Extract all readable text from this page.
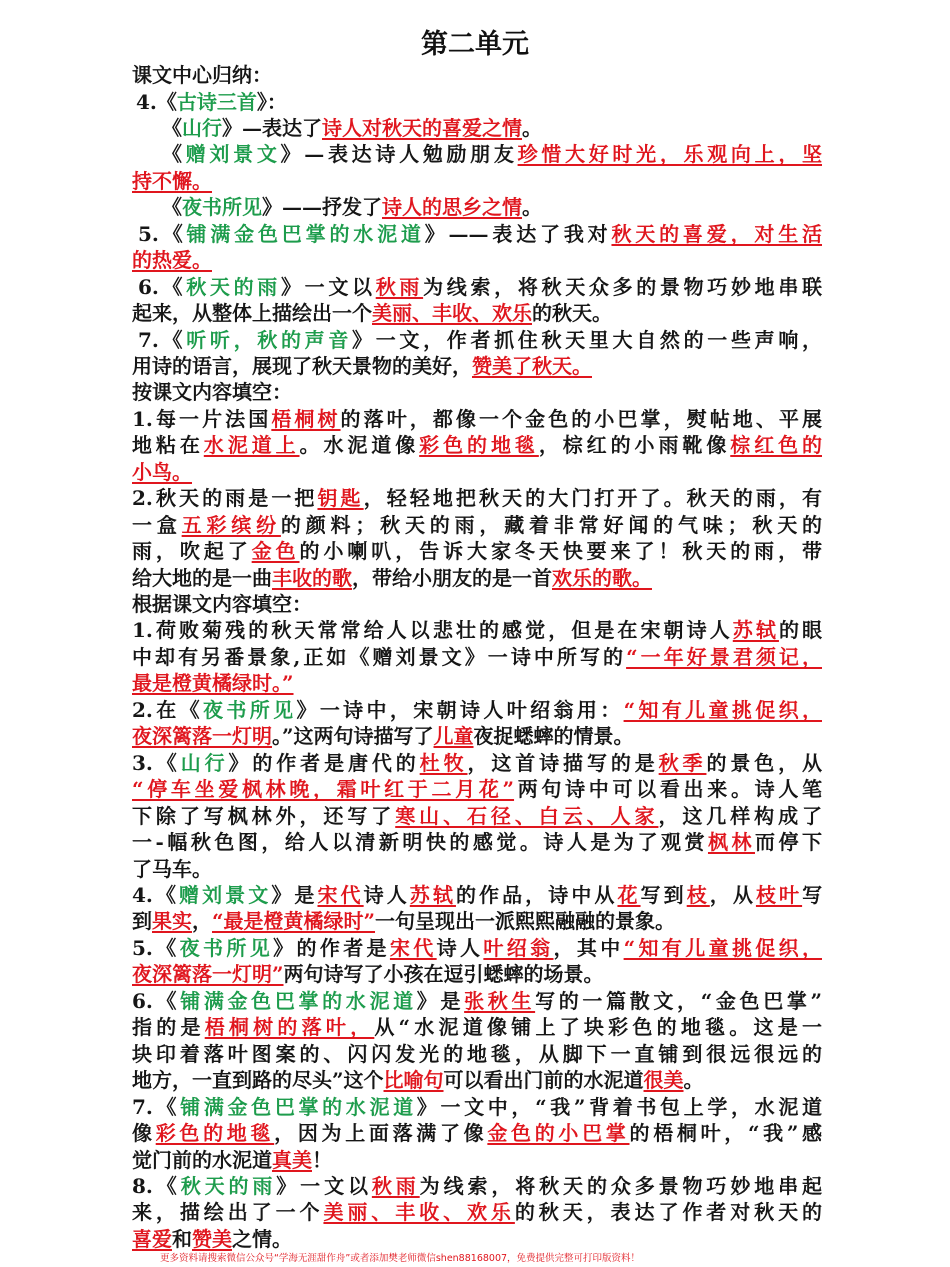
第二单元
课文中心归纳：
4.《古诗三首》：
《山行》—表达了诗人对秋天的喜爱之情。
《赠刘景文》—表达诗人勉励朋友珍惜大好时光，乐观向上，坚
持不懈。
《夜书所见》——抒发了诗人的思乡之情。
5.《铺满金色巴掌的水泥道》——表达了我对秋天的喜爱，对生活
的热爱。
6.《秋天的雨》一文以秋雨为线索，将秋天众多的景物巧妙地串联
起来，从整体上描绘出一个美丽、丰收、欢乐的秋天。
7.《听听，秋的声音》一文，作者抓住秋天里大自然的一些声响，
用诗的语言，展现了秋天景物的美好，赞美了秋天。
按课文内容填空：
1.每一片法国梧桐树的落叶，都像一个金色的小巴掌，熨帖地、平展
地粘在水泥道上。水泥道像彩色的地毯，棕红的小雨靴像棕红色的
小鸟。
2.秋天的雨是一把钥匙，轻轻地把秋天的大门打开了。秋天的雨，有
一盒五彩缤纷的颜料；秋天的雨，藏着非常好闻的气味；秋天的
雨，吹起了金色的小喇叭，告诉大家冬天快要来了！秋天的雨，带
给大地的是一曲丰收的歌，带给小朋友的是一首欢乐的歌。
根据课文内容填空：
1.荷败菊残的秋天常常给人以悲壮的感觉，但是在宋朝诗人苏轼的眼
中却有另番景象,正如《赠刘景文》一诗中所写的“一年好景君须记，
最是橙黄橘绿时。”
2.在《夜书所见》一诗中，宋朝诗人叶绍翁用：“知有儿童挑促织，
夜深篱落一灯明。”这两句诗描写了儿童夜捉蟋蟀的情景。
3.《山行》的作者是唐代的杜牧，这首诗描写的是秋季的景色，从
“停车坐爱枫林晚，霜叶红于二月花”两句诗中可以看出来。诗人笔
下除了写枫林外，还写了寒山、石径、白云、人家，这几样构成了
一-幅秋色图，给人以清新明快的感觉。诗人是为了观赏枫林而停下
了马车。
4.《赠刘景文》是宋代诗人苏轼的作品，诗中从花写到枝，从枝叶写
到果实，“最是橙黄橘绿时”一句呈现出一派熙熙融融的景象。
5.《夜书所见》的作者是宋代诗人叶绍翁，其中“知有儿童挑促织，
夜深篱落一灯明”两句诗写了小孩在逗引蟋蟀的场景。
6.《铺满金色巴掌的水泥道》是张秋生写的一篇散文，“金色巴掌”
指的是梧桐树的落叶，从“水泥道像铺上了块彩色的地毯。这是一
块印着落叶图案的、闪闪发光的地毯，从脚下一直铺到很远很远的
地方，一直到路的尽头”这个比喻句可以看出门前的水泥道很美。
7.《铺满金色巴掌的水泥道》一文中，“我”背着书包上学，水泥道
像彩色的地毯，因为上面落满了像金色的小巴掌的梧桐叶，“我”感
觉门前的水泥道真美！
8.《秋天的雨》一文以秋雨为线索，将秋天的众多景物巧妙地串起
来，描绘出了一个美丽、丰收、欢乐的秋天，表达了作者对秋天的
喜爱和赞美之情。
更多资料请搜索微信公众号“学海无涯甜作舟”或者添加樊老师微信shen88168007，免费提供完整可打印版资料！
